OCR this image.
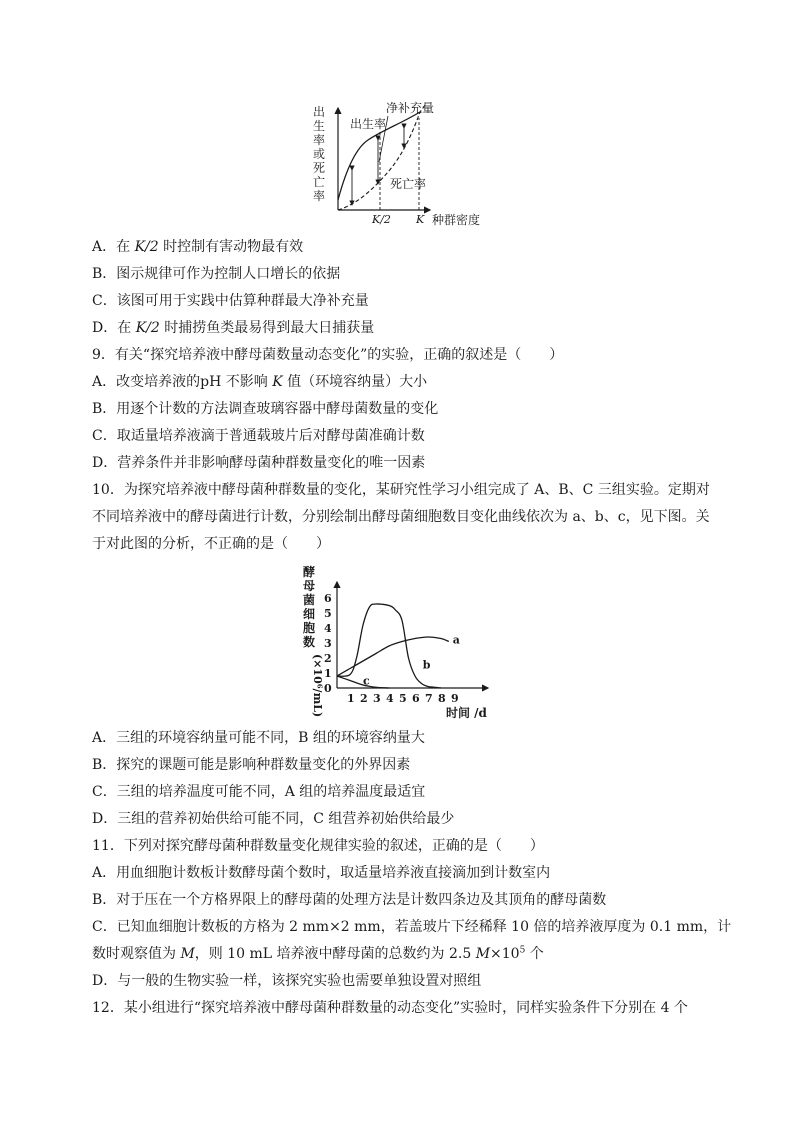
出
生
率
或
死
亡
率
净补充量
出生率
死亡率
K/2 K 种群密度
A．在 K/2 时控制有害动物最有效
B．图示规律可作为控制人口增长的依据
C．该图可用于实践中估算种群最大净补充量
D．在 K/2 时捕捞鱼类最易得到最大日捕获量
9．有关“探究培养液中酵母菌数量动态变化”的实验，正确的叙述是（　　）
A．改变培养液的pH 不影响 K 值（环境容纳量）大小
B．用逐个计数的方法调查玻璃容器中酵母菌数量的变化
C．取适量培养液滴于普通载玻片后对酵母菌准确计数
D．营养条件并非影响酵母菌种群数量变化的唯一因素
10．为探究培养液中酵母菌种群数量的变化，某研究性学习小组完成了 A、B、C 三组实验。定期对
不同培养液中的酵母菌进行计数，分别绘制出酵母菌细胞数目变化曲线依次为 a、b、c，见下图。关
于对此图的分析，不正确的是（　　）
酵
母
菌
细
胞
数
(×10⁶/mL) 0
1
2
3
4
5
6
1 2 3 4 5 6 7 8 9
a
b
c
时间 /d
A．三组的环境容纳量可能不同，B 组的环境容纳量大
B．探究的课题可能是影响种群数量变化的外界因素
C．三组的培养温度可能不同，A 组的培养温度最适宜
D．三组的营养初始供给可能不同，C 组营养初始供给最少
11．下列对探究酵母菌种群数量变化规律实验的叙述，正确的是（　　）
A．用血细胞计数板计数酵母菌个数时，取适量培养液直接滴加到计数室内
B．对于压在一个方格界限上的酵母菌的处理方法是计数四条边及其顶角的酵母菌数
C．已知血细胞计数板的方格为 2 mm×2 mm，若盖玻片下经稀释 10 倍的培养液厚度为 0.1 mm，计
数时观察值为 M，则 10 mL 培养液中酵母菌的总数约为 2.5 $M\times 10^5$ 个
D．与一般的生物实验一样，该探究实验也需要单独设置对照组
12．某小组进行“探究培养液中酵母菌种群数量的动态变化”实验时，同样实验条件下分别在 4 个
